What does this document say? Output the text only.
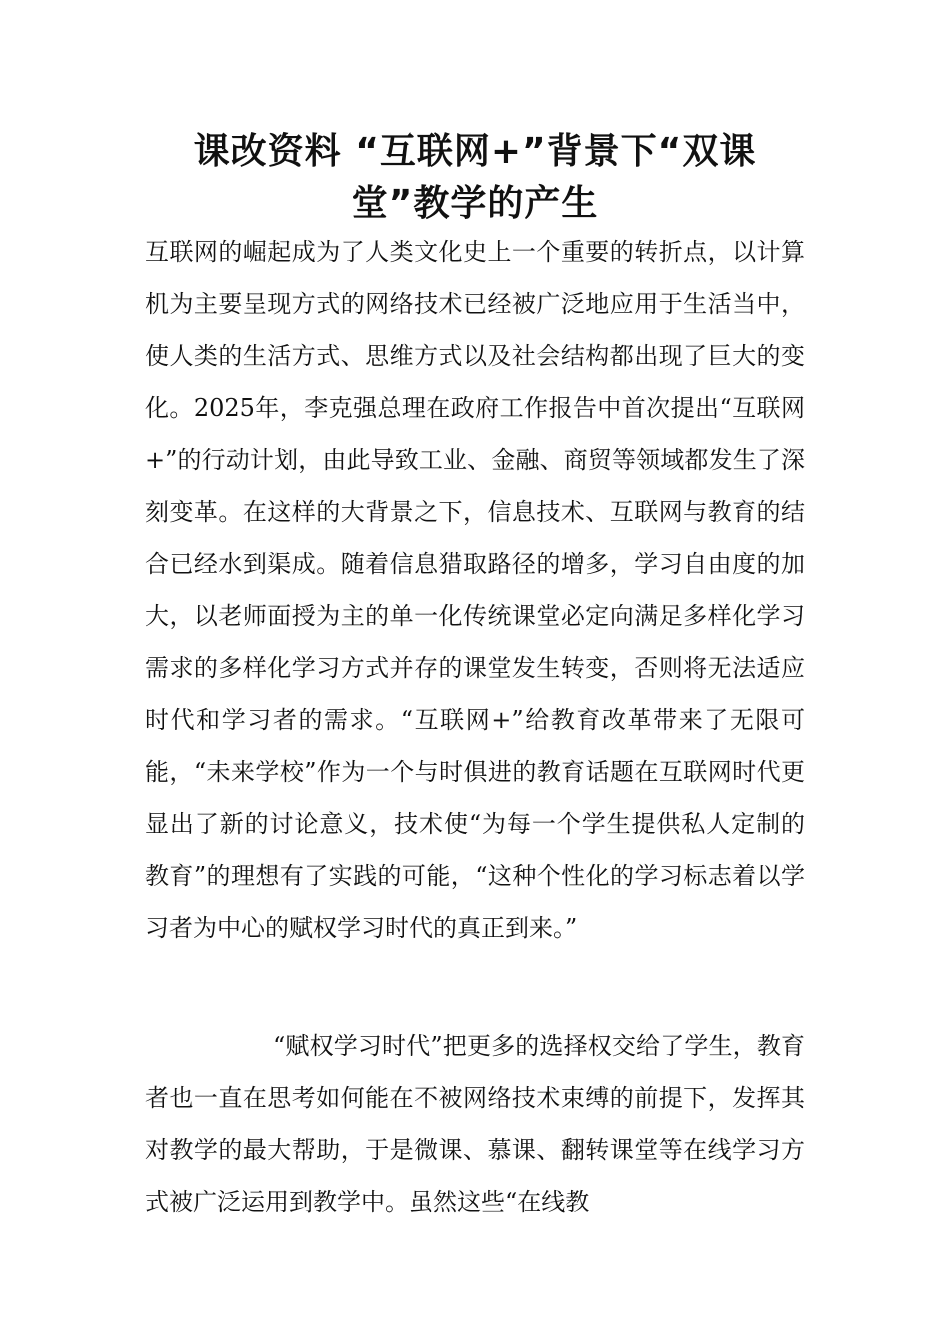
课改资料 “互联网+”背景下“双课堂”教学的产生

互联网的崛起成为了人类文化史上一个重要的转折点，以计算机为主要呈现方式的网络技术已经被广泛地应用于生活当中，使人类的生活方式、思维方式以及社会结构都出现了巨大的变化。2025年，李克强总理在政府工作报告中首次提出“互联网+”的行动计划，由此导致工业、金融、商贸等领域都发生了深刻变革。在这样的大背景之下，信息技术、互联网与教育的结合已经水到渠成。随着信息猎取路径的增多，学习自由度的加大，以老师面授为主的单一化传统课堂必定向满足多样化学习需求的多样化学习方式并存的课堂发生转变，否则将无法适应时代和学习者的需求。“互联网+”给教育改革带来了无限可能，“未来学校”作为一个与时俱进的教育话题在互联网时代更显出了新的讨论意义，技术使“为每一个学生提供私人定制的教育”的理想有了实践的可能，“这种个性化的学习标志着以学习者为中心的赋权学习时代的真正到来。”

“赋权学习时代”把更多的选择权交给了学生，教育者也一直在思考如何能在不被网络技术束缚的前提下，发挥其对教学的最大帮助，于是微课、慕课、翻转课堂等在线学习方式被广泛运用到教学中。虽然这些“在线教
